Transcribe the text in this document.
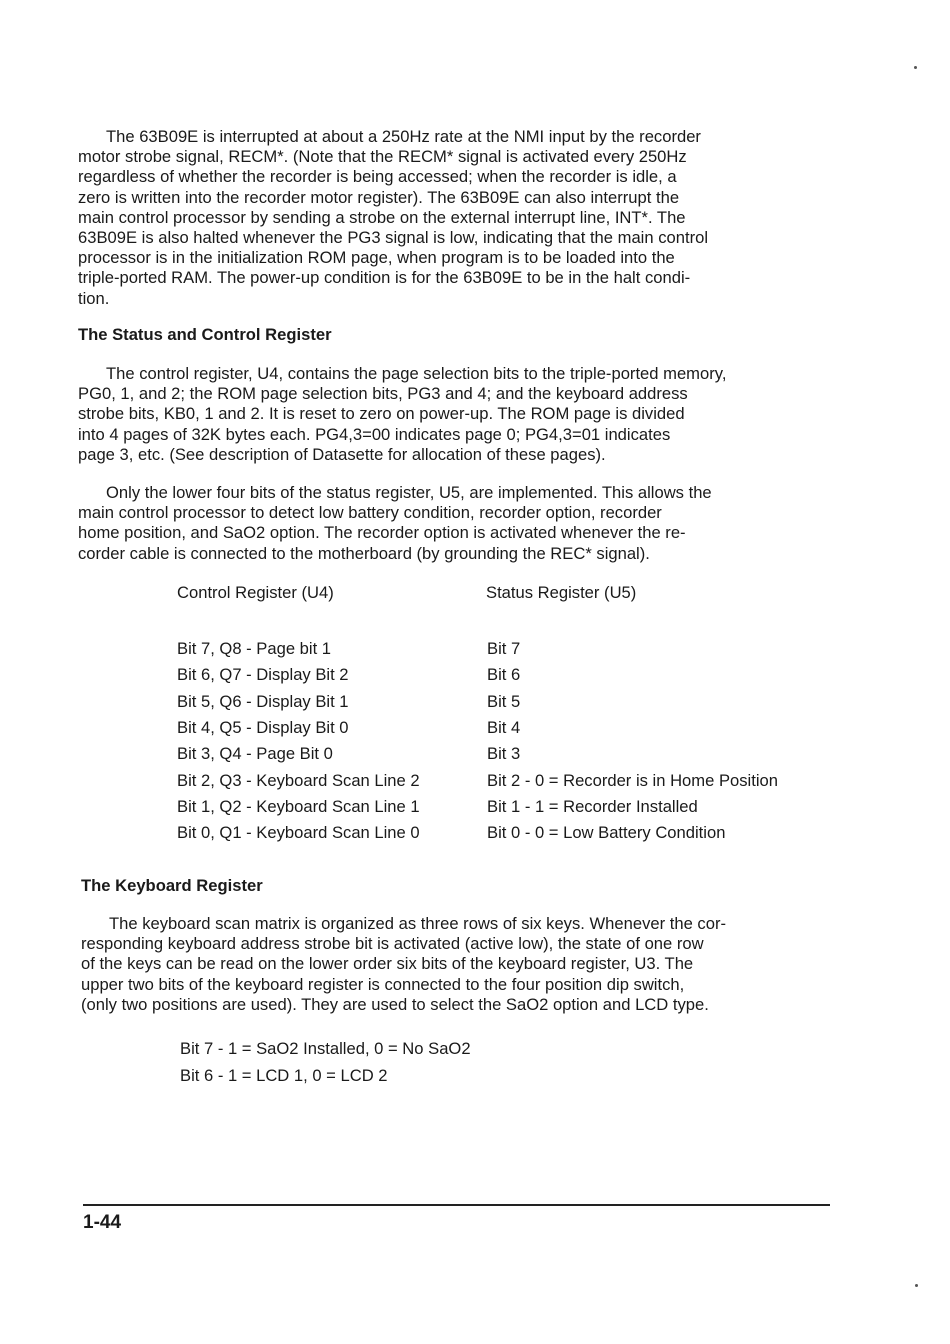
The 63B09E is interrupted at about a 250Hz rate at the NMI input by the recorder
motor strobe signal, RECM*. (Note that the RECM* signal is activated every 250Hz
regardless of whether the recorder is being accessed; when the recorder is idle, a
zero is written into the recorder motor register). The 63B09E can also interrupt the
main control processor by sending a strobe on the external interrupt line, INT*. The
63B09E is also halted whenever the PG3 signal is low, indicating that the main control
processor is in the initialization ROM page, when program is to be loaded into the
triple-ported RAM. The power-up condition is for the 63B09E to be in the halt condi-
tion.

The Status and Control Register

The control register, U4, contains the page selection bits to the triple-ported memory,
PG0, 1, and 2; the ROM page selection bits, PG3 and 4; and the keyboard address
strobe bits, KB0, 1 and 2. It is reset to zero on power-up. The ROM page is divided
into 4 pages of 32K bytes each. PG4,3=00 indicates page 0; PG4,3=01 indicates
page 3, etc. (See description of Datasette for allocation of these pages).

Only the lower four bits of the status register, U5, are implemented. This allows the
main control processor to detect low battery condition, recorder option, recorder
home position, and SaO2 option. The recorder option is activated whenever the re-
corder cable is connected to the motherboard (by grounding the REC* signal).

Control Register (U4)	Status Register (U5)
Bit 7, Q8 - Page bit 1	Bit 7
Bit 6, Q7 - Display Bit 2	Bit 6
Bit 5, Q6 - Display Bit 1	Bit 5
Bit 4, Q5 - Display Bit 0	Bit 4
Bit 3, Q4 - Page Bit 0	Bit 3
Bit 2, Q3 - Keyboard Scan Line 2	Bit 2 - 0 = Recorder is in Home Position
Bit 1, Q2 - Keyboard Scan Line 1	Bit 1 - 1 = Recorder Installed
Bit 0, Q1 - Keyboard Scan Line 0	Bit 0 - 0 = Low Battery Condition
The Keyboard Register

The keyboard scan matrix is organized as three rows of six keys. Whenever the cor-
responding keyboard address strobe bit is activated (active low), the state of one row
of the keys can be read on the lower order six bits of the keyboard register, U3. The
upper two bits of the keyboard register is connected to the four position dip switch,
(only two positions are used). They are used to select the SaO2 option and LCD type.

Bit 7 - 1 = SaO2 Installed, 0 = No SaO2
Bit 6 - 1 = LCD 1, 0 = LCD 2
1-44
